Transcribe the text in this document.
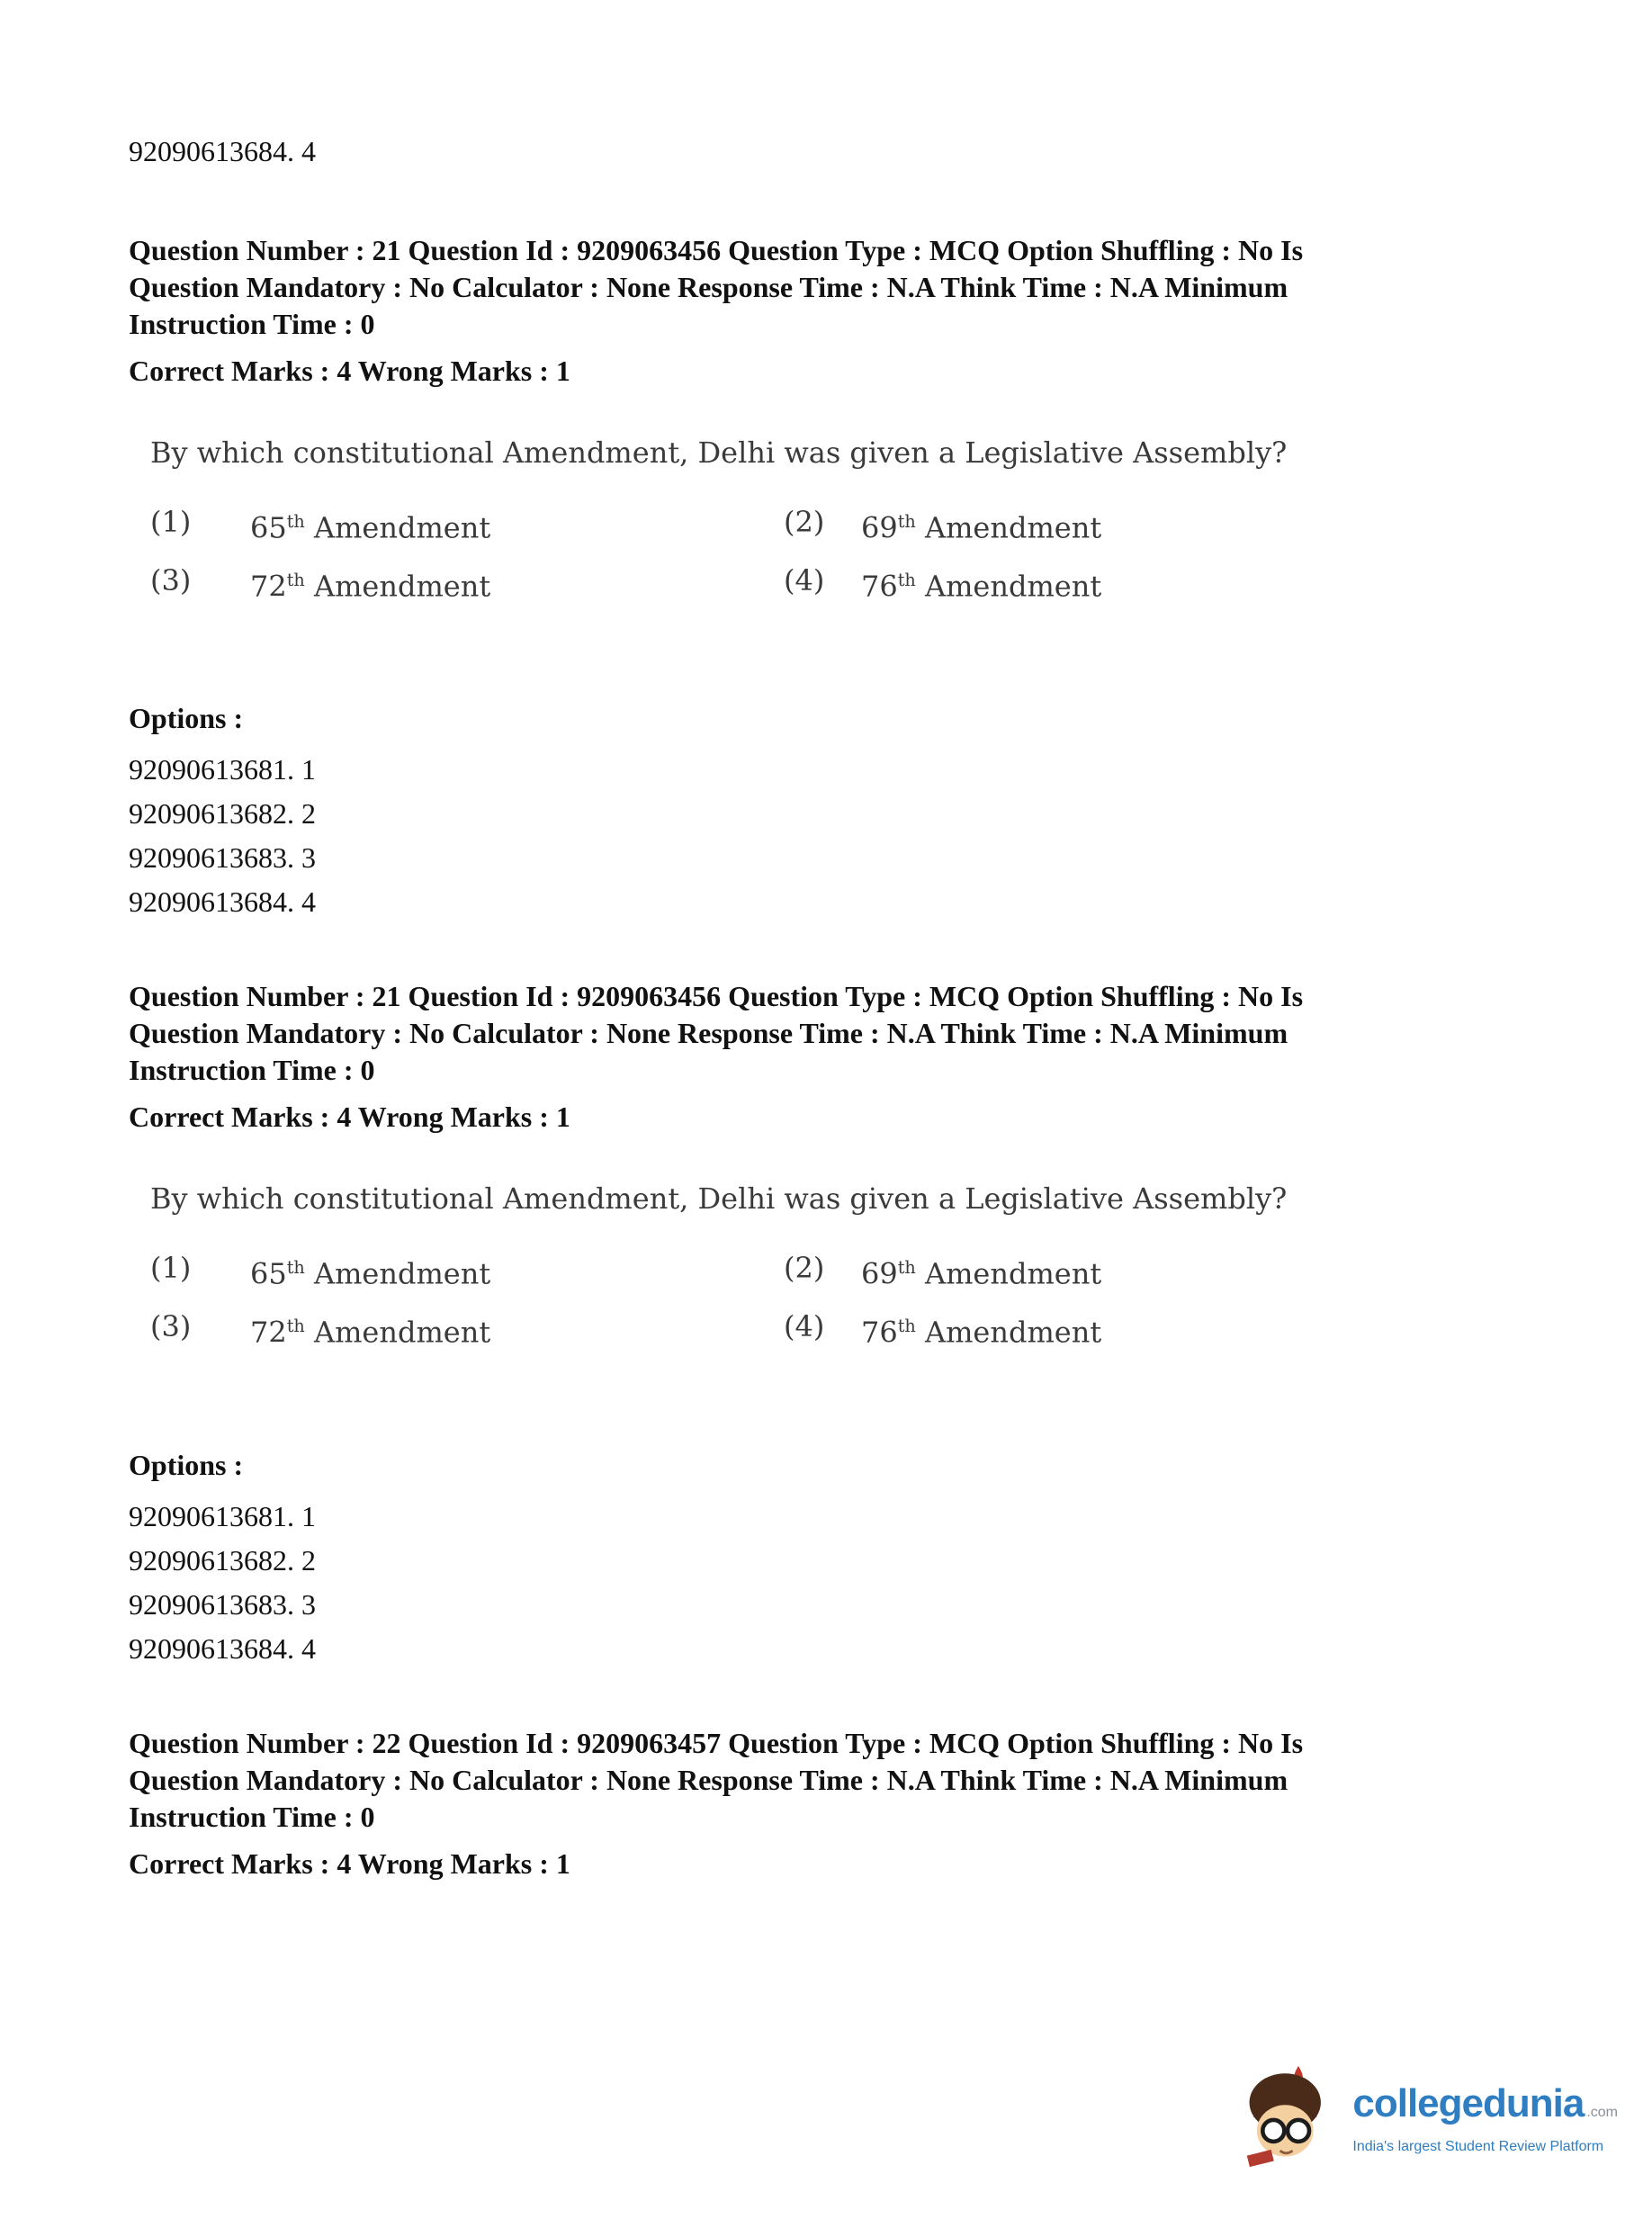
92090613684. 4

Question Number : 21 Question Id : 9209063456 Question Type : MCQ Option Shuffling : No Is
Question Mandatory : No Calculator : None Response Time : N.A Think Time : N.A Minimum
Instruction Time : 0
Correct Marks : 4 Wrong Marks : 1
By which constitutional Amendment, Delhi was given a Legislative Assembly?
(1)	65th Amendment	(2)	69th Amendment
(3)	72th Amendment	(4)	76th Amendment
Options :
92090613681. 1
92090613682. 2
92090613683. 3
92090613684. 4
Question Number : 21 Question Id : 9209063456 Question Type : MCQ Option Shuffling : No Is
Question Mandatory : No Calculator : None Response Time : N.A Think Time : N.A Minimum
Instruction Time : 0
Correct Marks : 4 Wrong Marks : 1
By which constitutional Amendment, Delhi was given a Legislative Assembly?
(1)	65th Amendment	(2)	69th Amendment
(3)	72th Amendment	(4)	76th Amendment
Options :
92090613681. 1
92090613682. 2
92090613683. 3
92090613684. 4
Question Number : 22 Question Id : 9209063457 Question Type : MCQ Option Shuffling : No Is
Question Mandatory : No Calculator : None Response Time : N.A Think Time : N.A Minimum
Instruction Time : 0
Correct Marks : 4 Wrong Marks : 1
collegedunia .com
India's largest Student Review Platform
